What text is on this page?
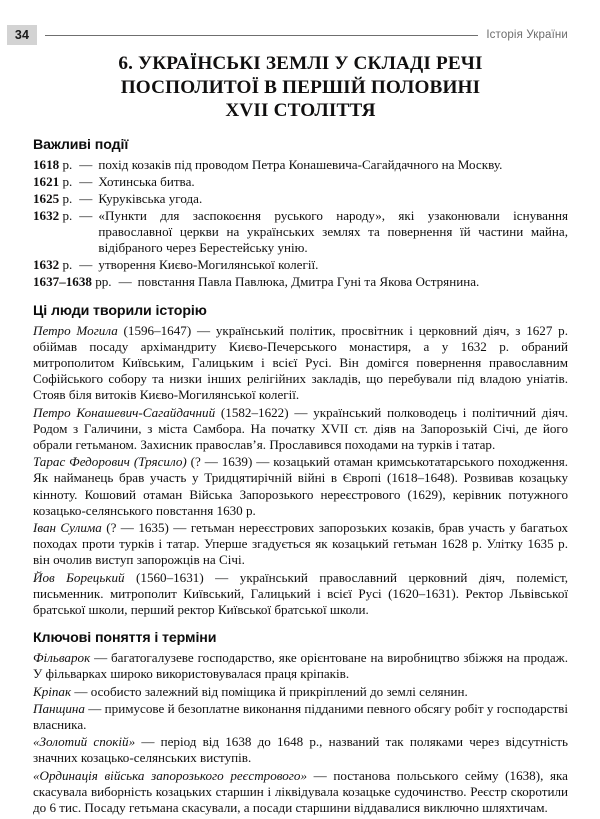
34	Історія України
6. УКРАЇНСЬКІ ЗЕМЛІ У СКЛАДІ РЕЧІ
ПОСПОЛИТОЇ В ПЕРШІЙ ПОЛОВИНІ
XVII СТОЛІТТЯ
Важливі події
1618 р. — похід козаків під проводом Петра Конашевича-Сагайдачного на Москву.
1621 р. — Хотинська битва.
1625 р. — Куруківська угода.
1632 р. — «Пункти для заспокоєння руського народу», які узаконювали існування православної церкви на українських землях та повернення їй частини майна, відібраного через Берестейську унію.
1632 р. — утворення Києво-Могилянської колегії.
1637–1638 рр. — повстання Павла Павлюка, Дмитра Гуні та Якова Острянина.
Ці люди творили історію

Петро Могила (1596–1647) — український політик, просвітник і церковний діяч, з 1627 р. обіймав посаду архімандриту Києво-Печерського монастиря, а у 1632 р. обраний митрополитом Київським, Галицьким і всієї Русі. Він домігся повернення православним Софійського собору та низки інших релігійних закладів, що перебували під владою уніатів. Стояв біля витоків Києво-Могилянської колегії.

Петро Конашевич-Сагайдачний (1582–1622) — український полководець і політичний діяч. Родом з Галичини, з міста Самбора. На початку XVII ст. діяв на Запорозькій Січі, де його обрали гетьманом. Захисник православ’я. Прославився походами на турків і татар.

Тарас Федорович (Трясило) (? — 1639) — козацький отаман кримськотатарського походження. Як найманець брав участь у Тридцятирічній війні в Європі (1618–1648). Розвивав козацьку кінноту. Кошовий отаман Війська Запорозького нереєстрового (1629), керівник потужного козацько-селянського повстання 1630 р.

Іван Сулима (? — 1635) — гетьман нереєстрових запорозьких козаків, брав участь у багатьох походах проти турків і татар. Уперше згадується як козацький гетьман 1628 р. Улітку 1635 р. він очолив виступ запорожців на Січі.

Йов Борецький (1560–1631) — український православний церковний діяч, полеміст, письменник. митрополит Київський, Галицький і всієї Русі (1620–1631). Ректор Львівської братської школи, перший ректор Київської братської школи.

Ключові поняття і терміни

Фільварок — багатогалузеве господарство, яке орієнтоване на виробництво збіжжя на продаж. У фільварках широко використовувалася праця кріпаків.

Кріпак — особисто залежний від поміщика й прикріплений до землі селянин.

Панщина — примусове й безоплатне виконання підданими певного обсягу робіт у господарстві власника.

«Золотий спокій» — період від 1638 до 1648 р., названий так поляками через відсутність значних козацько-селянських виступів.

«Ординація війська запорозького реєстрового» — постанова польського сейму (1638), яка скасувала виборність козацьких старшин і ліквідувала козацьке судочинство. Реєстр скоротили до 6 тис. Посаду гетьмана скасували, а посади старшини віддавалися виключно шляхтичам.
